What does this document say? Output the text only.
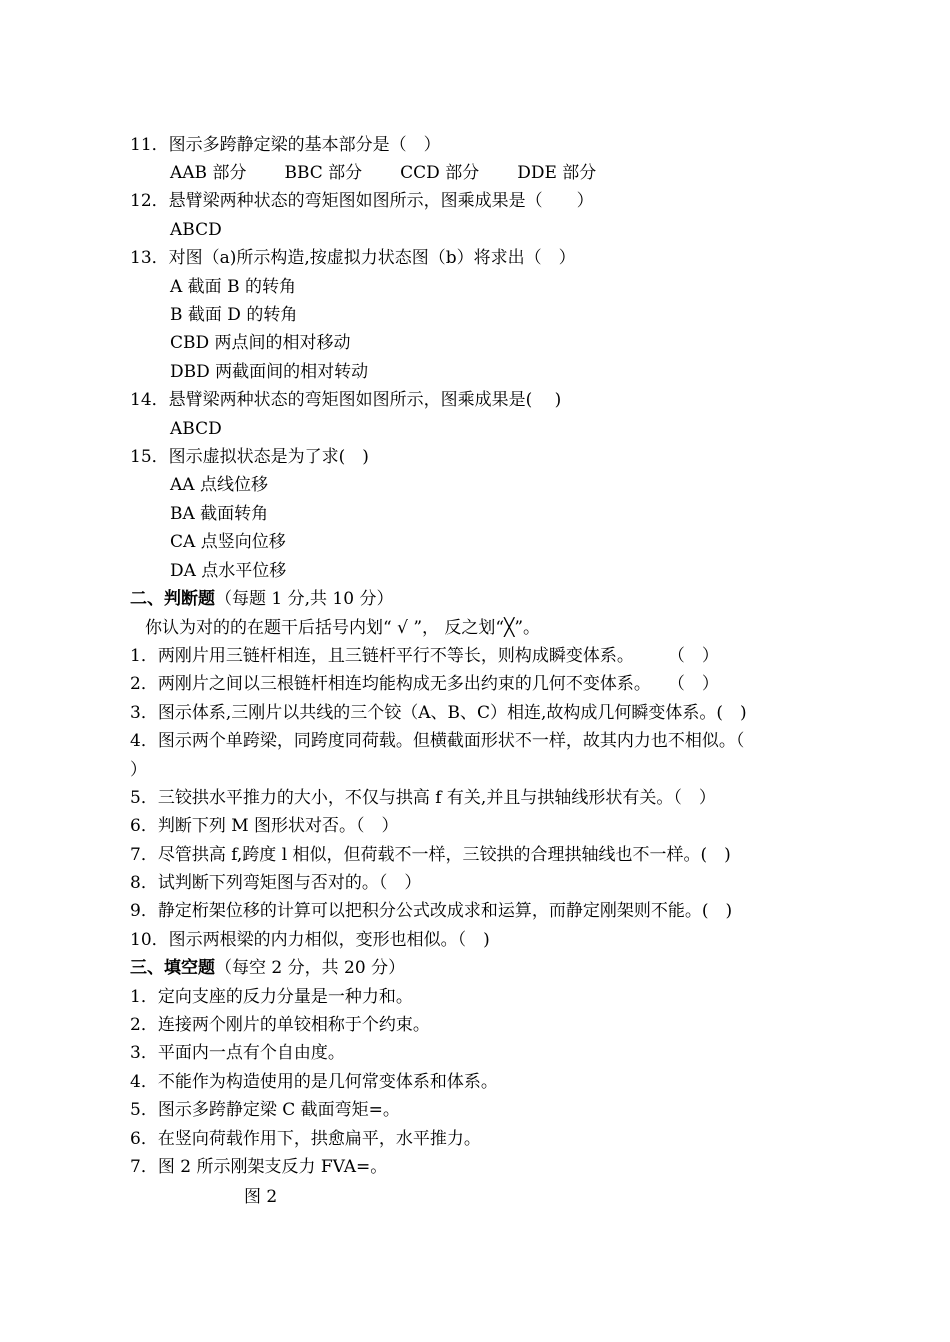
11．图示多跨静定梁的基本部分是（　）
AAB 部分 BBC 部分 CCD 部分 DDE 部分
12．悬臂梁两种状态的弯矩图如图所示，图乘成果是（　　）
ABCD
13．对图（a)所示构造,按虚拟力状态图（b）将求出（　）
A 截面 B 的转角
B 截面 D 的转角
CBD 两点间的相对移动
DBD 两截面间的相对转动
14．悬臂梁两种状态的弯矩图如图所示，图乘成果是(　 )
ABCD
15．图示虚拟状态是为了求(　)
AA 点线位移
BA 截面转角
CA 点竖向位移
DA 点水平位移
二、判断题（每题 1 分,共 10 分）
你认为对的的在题干后括号内划“ √ ”， 反之划“╳”。
1．两刚片用三链杆相连，且三链杆平行不等长，则构成瞬变体系。　　　（　）
2．两刚片之间以三根链杆相连均能构成无多出约束的几何不变体系。　　（　）
3．图示体系,三刚片以共线的三个铰（A、B、C）相连,故构成几何瞬变体系。(　)
4．图示两个单跨梁，同跨度同荷载。但横截面形状不一样，故其内力也不相似。（
）
5．三铰拱水平推力的大小，不仅与拱高 f 有关,并且与拱轴线形状有关。（　）
6．判断下列 M 图形状对否。（　）
7．尽管拱高 f,跨度 l 相似，但荷载不一样，三铰拱的合理拱轴线也不一样。(　)
8．试判断下列弯矩图与否对的。（　）
9．静定桁架位移的计算可以把积分公式改成求和运算，而静定刚架则不能。(　)
10．图示两根梁的内力相似，变形也相似。（　)
三、填空题（每空 2 分，共 20 分）
1．定向支座的反力分量是一种力和。
2．连接两个刚片的单铰相称于个约束。
3．平面内一点有个自由度。
4．不能作为构造使用的是几何常变体系和体系。
5．图示多跨静定梁 C 截面弯矩=。
6．在竖向荷载作用下，拱愈扁平，水平推力。
7．图 2 所示刚架支反力 FVA=。
图 2
